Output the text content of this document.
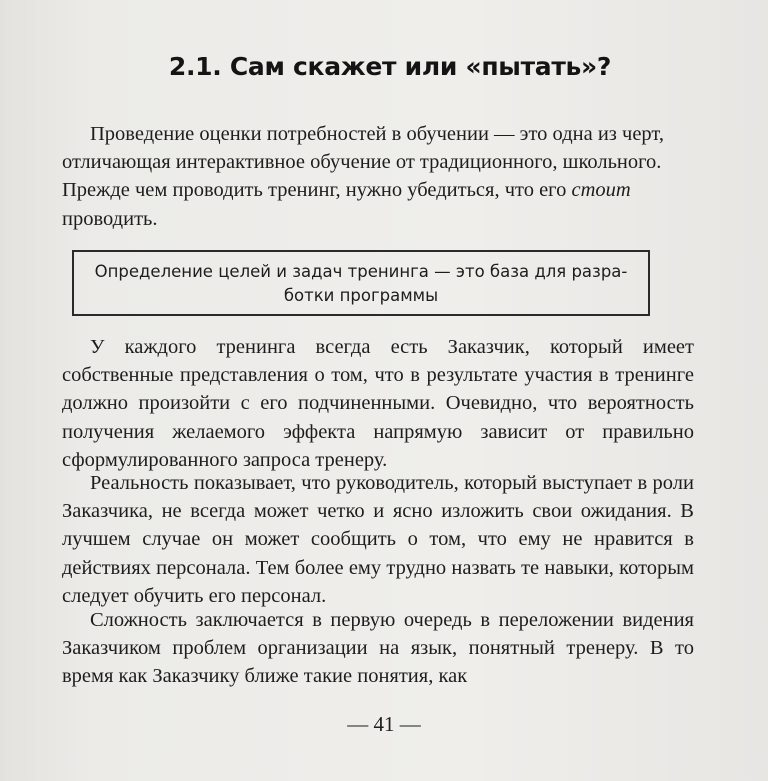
2.1. Сам скажет или «пытать»?

Проведение оценки потребностей в обучении — это одна из черт, отличающая интерактивное обучение от традиционного, школьного. Прежде чем проводить тренинг, нужно убедиться, что его стоит проводить.

Определение целей и задач тренинга — это база для разра-
ботки программы

У каждого тренинга всегда есть Заказчик, который имеет собственные представления о том, что в результате участия в тренинге должно произойти с его подчиненными. Очевидно, что вероятность получения желаемого эффекта напрямую зависит от правильно сформулированного запроса тренеру.

Реальность показывает, что руководитель, который выступает в роли Заказчика, не всегда может четко и ясно изложить свои ожидания. В лучшем случае он может сообщить о том, что ему не нравится в действиях персонала. Тем более ему трудно назвать те навыки, которым следует обучить его персонал.

Сложность заключается в первую очередь в переложении видения Заказчиком проблем организации на язык, понятный тренеру. В то время как Заказчику ближе такие понятия, как

— 41 —
